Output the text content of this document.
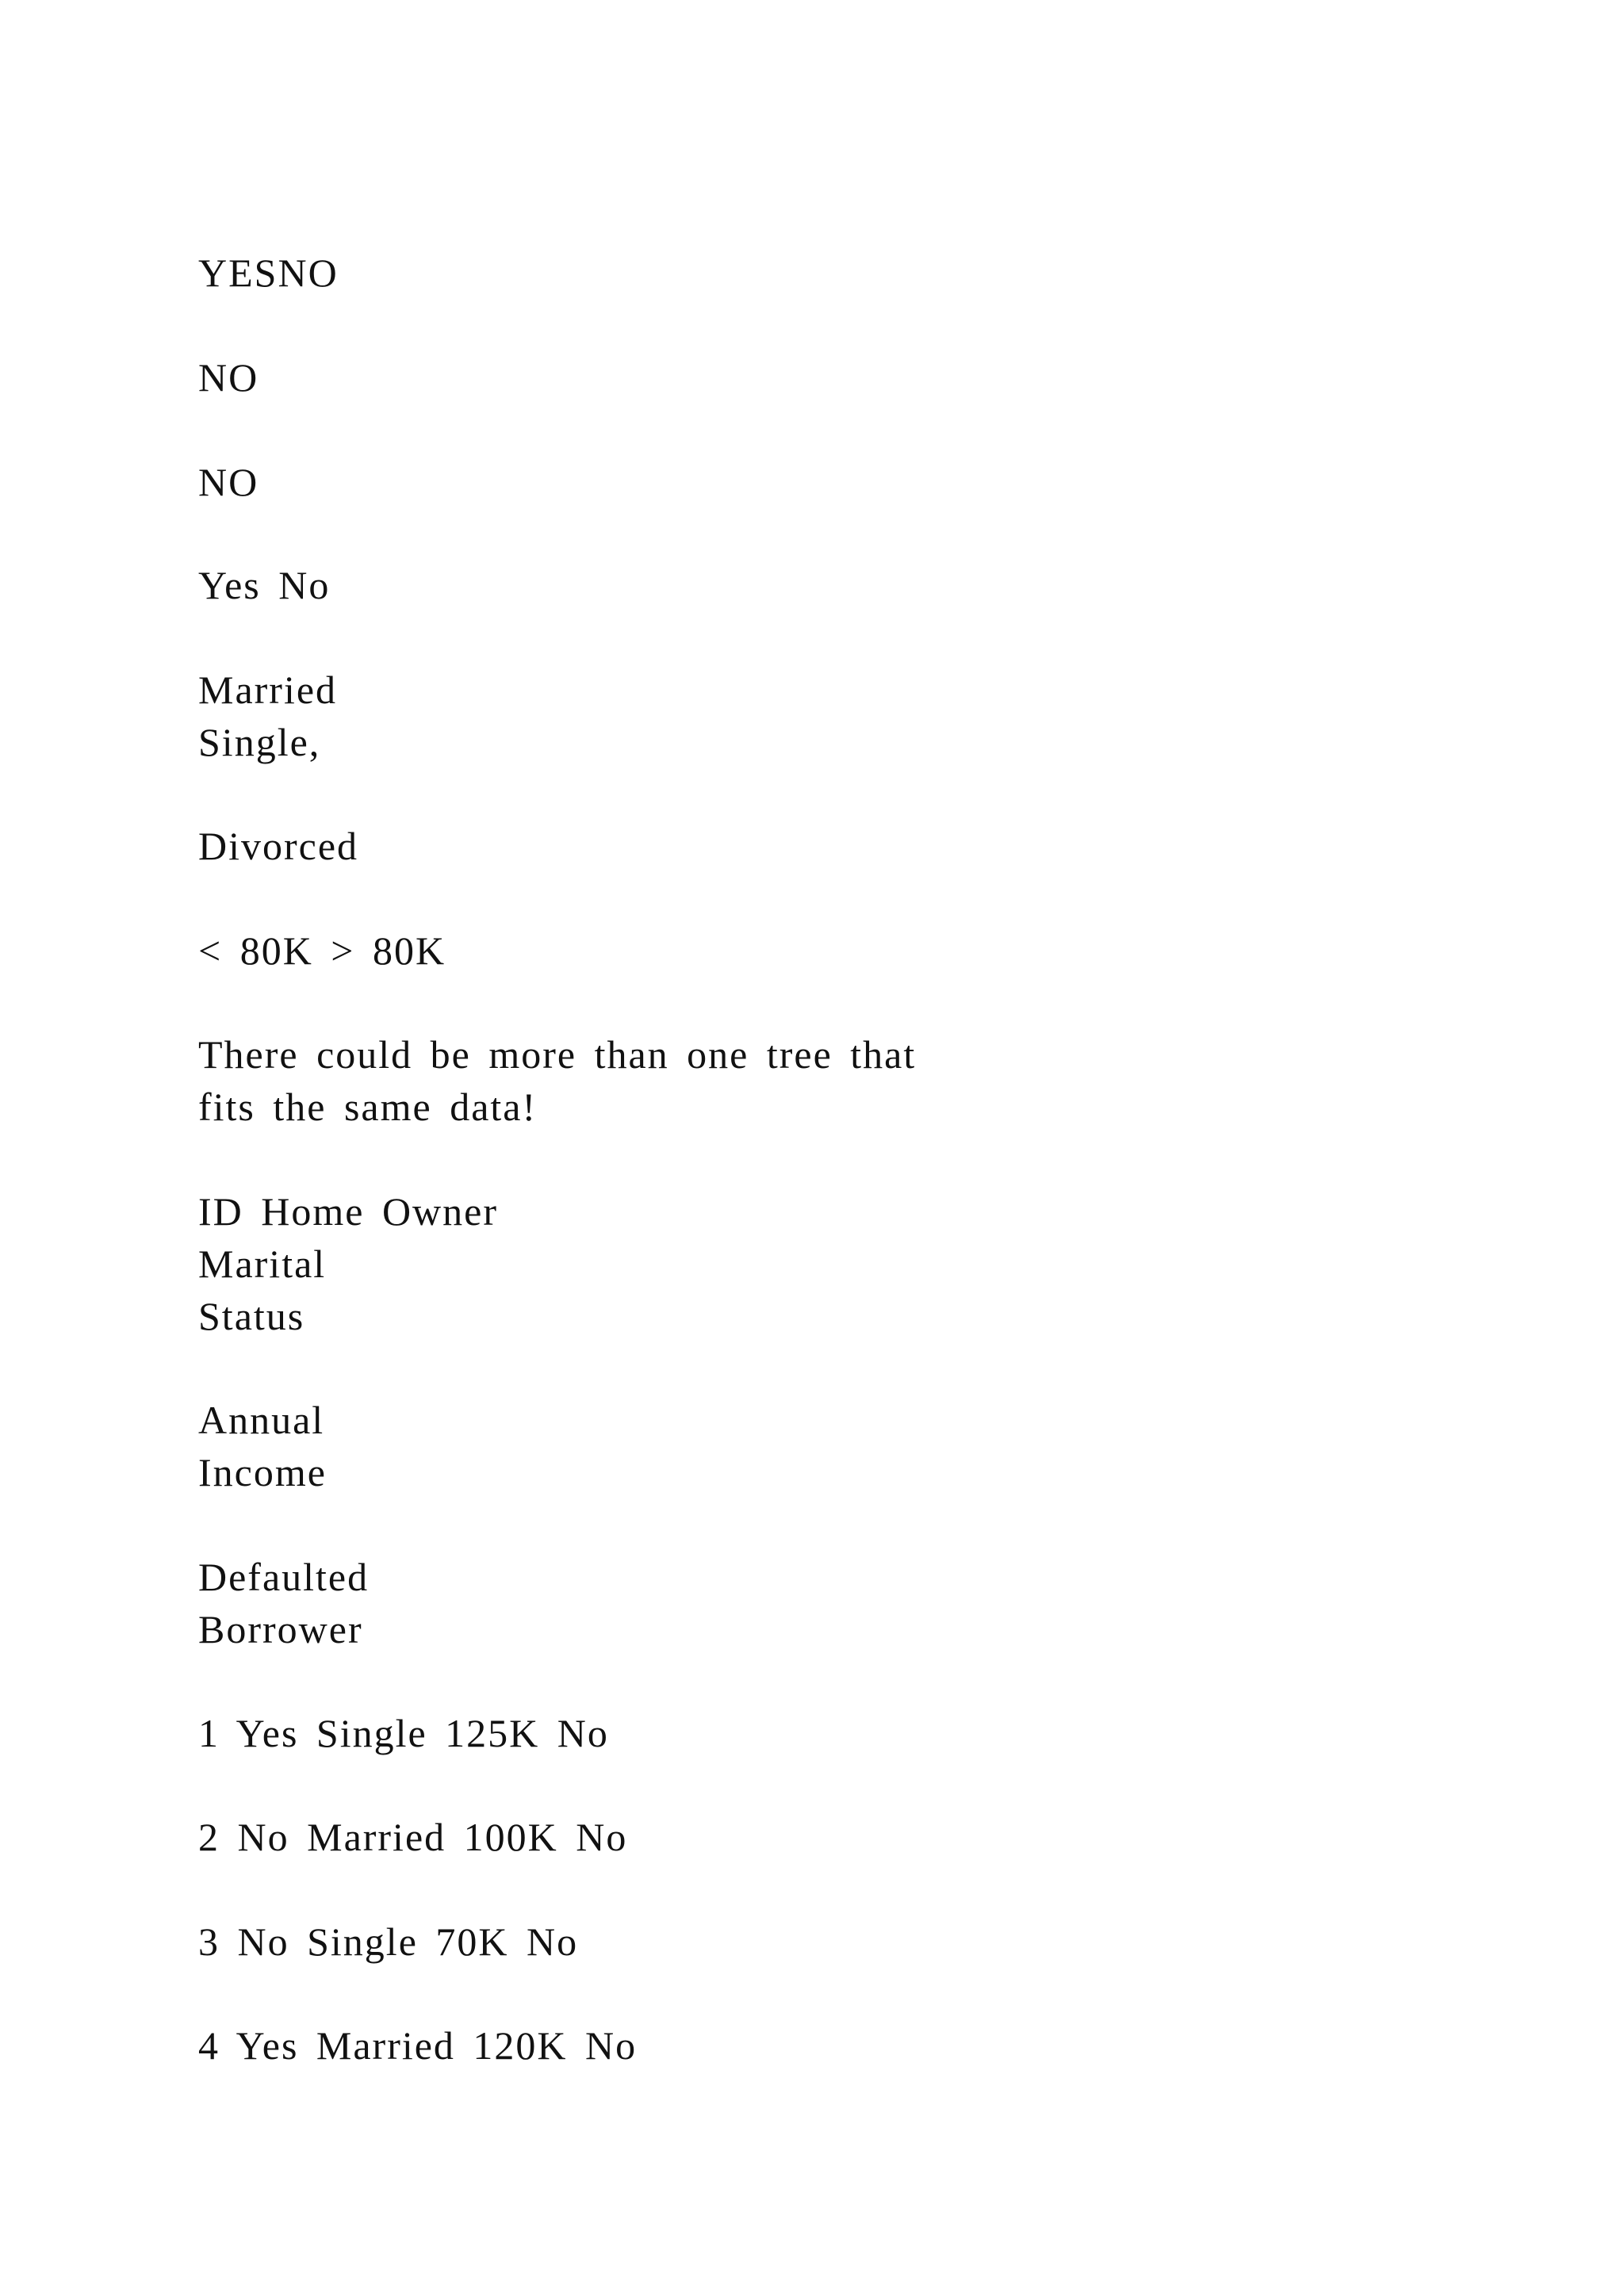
YESNO

NO

NO

Yes No

Married

Single,

Divorced

< 80K > 80K

There could be more than one tree that

fits the same data!

ID Home Owner

Marital

Status

Annual

Income

Defaulted

Borrower

1 Yes Single 125K No

2 No Married 100K No

3 No Single 70K No

4 Yes Married 120K No
